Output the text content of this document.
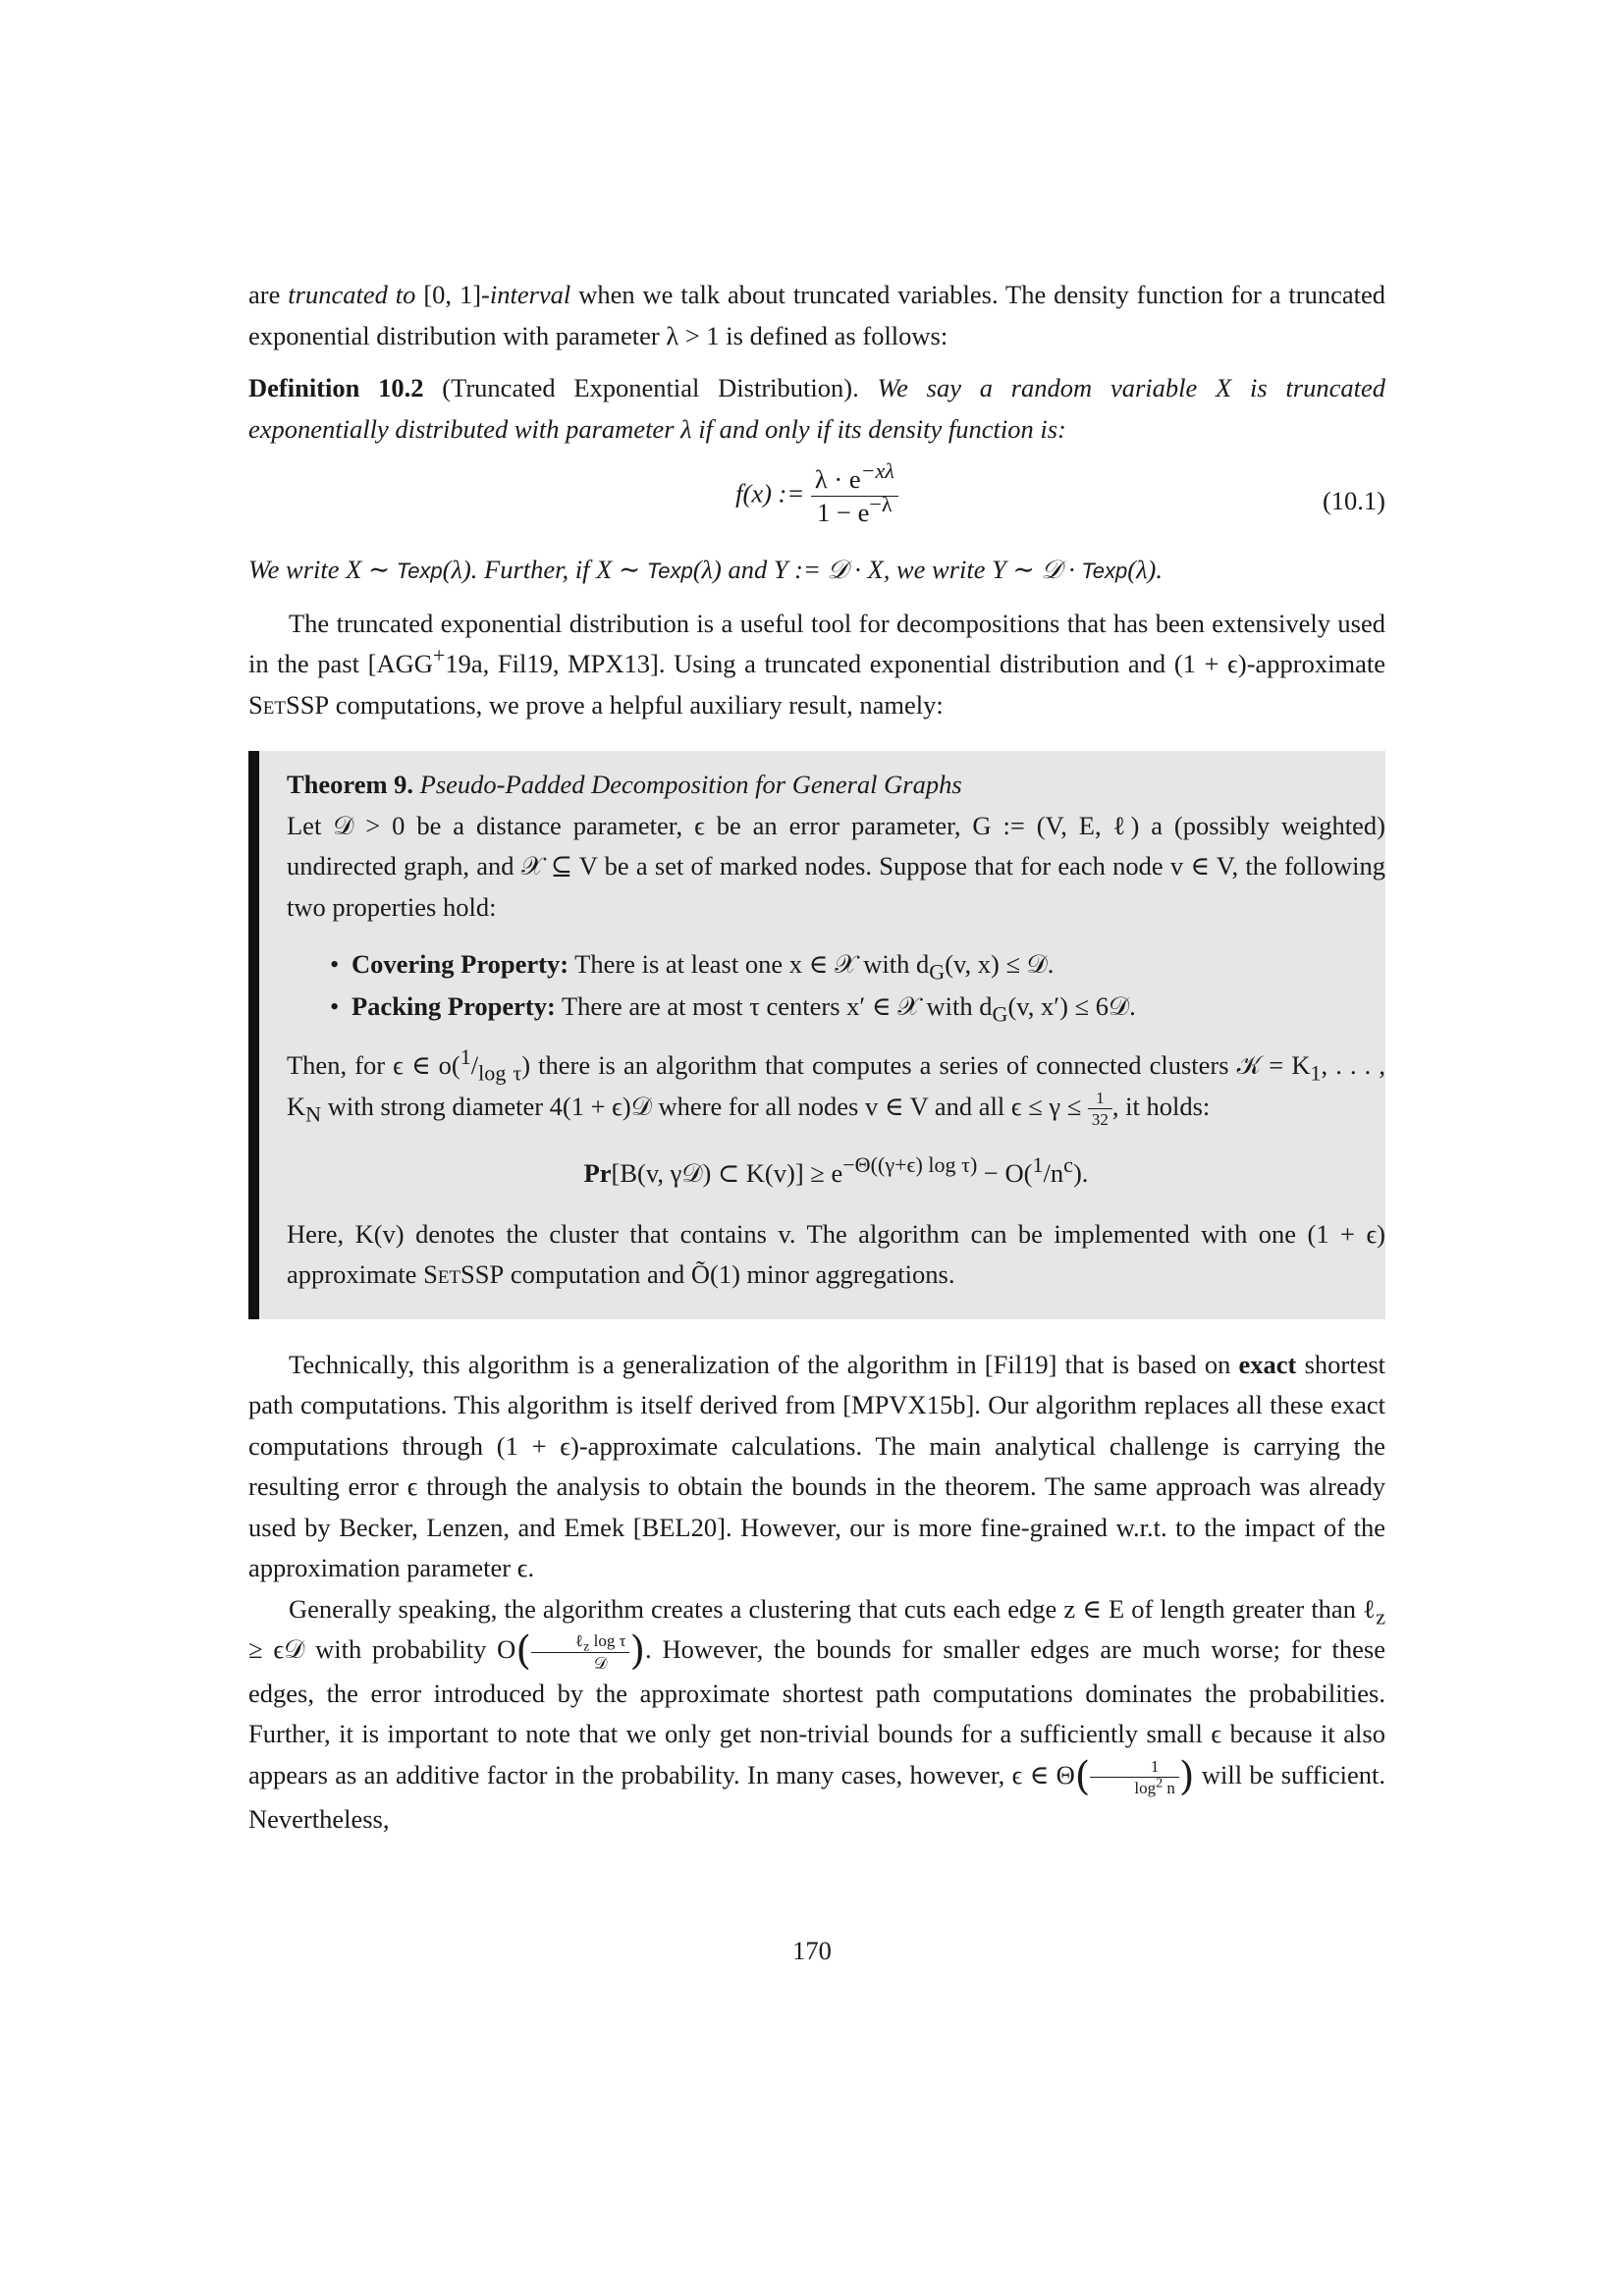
are truncated to [0, 1]-interval when we talk about truncated variables. The density function for a truncated exponential distribution with parameter λ > 1 is defined as follows:

Definition 10.2 (Truncated Exponential Distribution). We say a random variable X is truncated exponentially distributed with parameter λ if and only if its density function is:

f(x) := $\frac{\lambda \cdot e^{-x\lambda}}{1 - e^{-\lambda}}$	(10.1)

We write X ∼ Texp(λ). Further, if X ∼ Texp(λ) and Y := 𝒟 · X, we write Y ∼ 𝒟 · Texp(λ).

The truncated exponential distribution is a useful tool for decompositions that has been extensively used in the past [AGG+19a, Fil19, MPX13]. Using a truncated exponential distribution and (1 + ϵ)-approximate SetSSP computations, we prove a helpful auxiliary result, namely:

Theorem 9. Pseudo-Padded Decomposition for General Graphs

Let 𝒟 > 0 be a distance parameter, ϵ be an error parameter, G := (V, E, ℓ) a (possibly weighted) undirected graph, and 𝒳 ⊆ V be a set of marked nodes. Suppose that for each node v ∈ V, the following two properties hold:

• Covering Property: There is at least one x ∈ 𝒳 with $d_G(v$, x) ≤ 𝒟.
• Packing Property: There are at most τ centers x′ ∈ 𝒳 with $d_G(v$, x′) ≤ 6𝒟.

Then, for ϵ ∈ $o(^1/_{log \tau})$ there is an algorithm that computes a series of connected clusters 𝒦 = $K_1$, . . . , $K_N$ with strong diameter 4(1 + ϵ)𝒟 where for all nodes v ∈ V and all $\epsilon \le \gamma \le \frac{1}{32}$ , it holds:

Pr[B(v, γ𝒟) ⊂ $K(v)] \ge e^{-\Theta((\gamma+\epsilon) log \tau)} - O(^1/n^c)$.

Here, K(v) denotes the cluster that contains v. The algorithm can be implemented with one (1 + ϵ) approximate SetSSP computation and Õ(1) minor aggregations.

Technically, this algorithm is a generalization of the algorithm in [Fil19] that is based on exact shortest path computations. This algorithm is itself derived from [MPVX15b]. Our algorithm replaces all these exact computations through (1 + ϵ)-approximate calculations. The main analytical challenge is carrying the resulting error ϵ through the analysis to obtain the bounds in the theorem. The same approach was already used by Becker, Lenzen, and Emek [BEL20]. However, our is more fine-grained w.r.t. to the impact of the approximation parameter ϵ.

Generally speaking, the algorithm creates a clustering that cuts each edge z ∈ E of length greater than ℓ$_z$ ≥ ϵ𝒟 with probability $O( \frac{\ell_z \log \tau}{\text{𝒟}}$ ). However, the bounds for smaller edges are much worse; for these edges, the error introduced by the approximate shortest path computations dominates the probabilities. Further, it is important to note that we only get non-trivial bounds for a sufficiently small ϵ because it also appears as an additive factor in the probability. In many cases, however, ϵ ∈ $\Theta( \frac{1}{\log^2 n}$ ) will be sufficient. Nevertheless,

170
